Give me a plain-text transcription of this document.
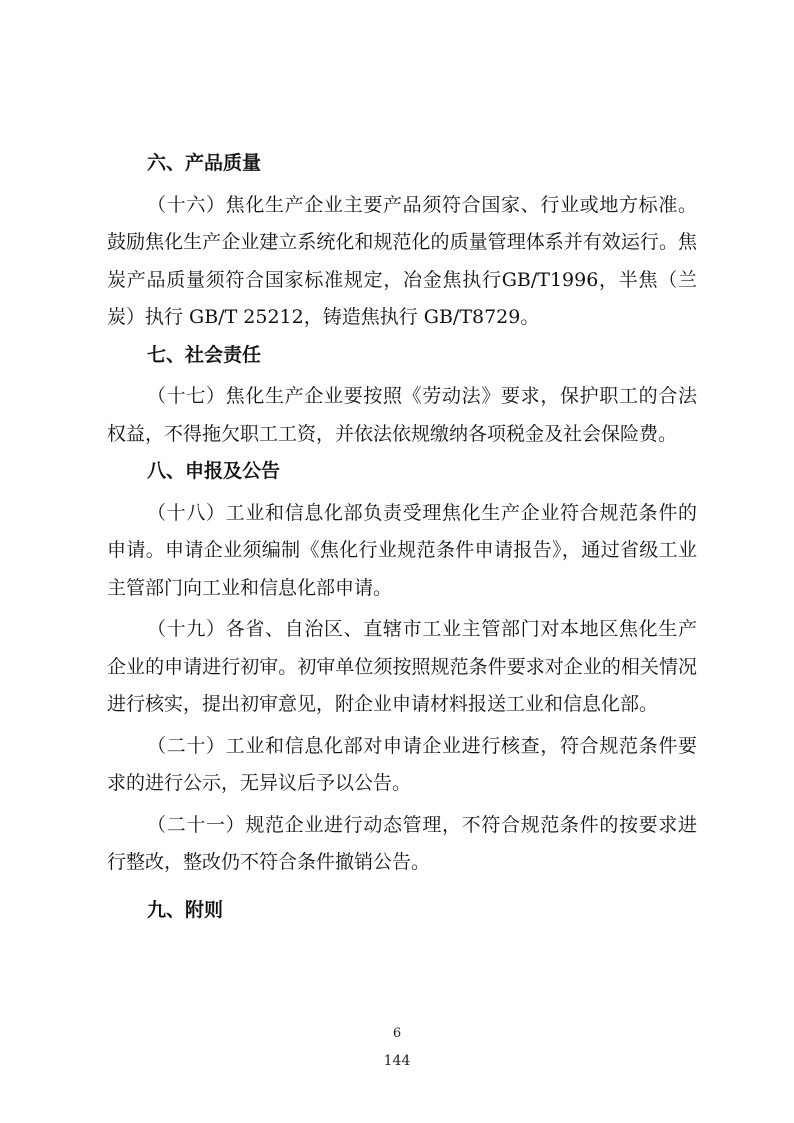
六、产品质量

（十六）焦化生产企业主要产品须符合国家、行业或地方标准。鼓励焦化生产企业建立系统化和规范化的质量管理体系并有效运行。焦炭产品质量须符合国家标准规定，冶金焦执行GB/T1996，半焦（兰炭）执行 GB/T 25212，铸造焦执行 GB/T8729。

七、社会责任

（十七）焦化生产企业要按照《劳动法》要求，保护职工的合法权益，不得拖欠职工工资，并依法依规缴纳各项税金及社会保险费。

八、申报及公告

（十八）工业和信息化部负责受理焦化生产企业符合规范条件的申请。申请企业须编制《焦化行业规范条件申请报告》，通过省级工业主管部门向工业和信息化部申请。

（十九）各省、自治区、直辖市工业主管部门对本地区焦化生产企业的申请进行初审。初审单位须按照规范条件要求对企业的相关情况进行核实，提出初审意见，附企业申请材料报送工业和信息化部。

（二十）工业和信息化部对申请企业进行核查，符合规范条件要求的进行公示，无异议后予以公告。

（二十一）规范企业进行动态管理，不符合规范条件的按要求进行整改，整改仍不符合条件撤销公告。

九、附则
6
144
